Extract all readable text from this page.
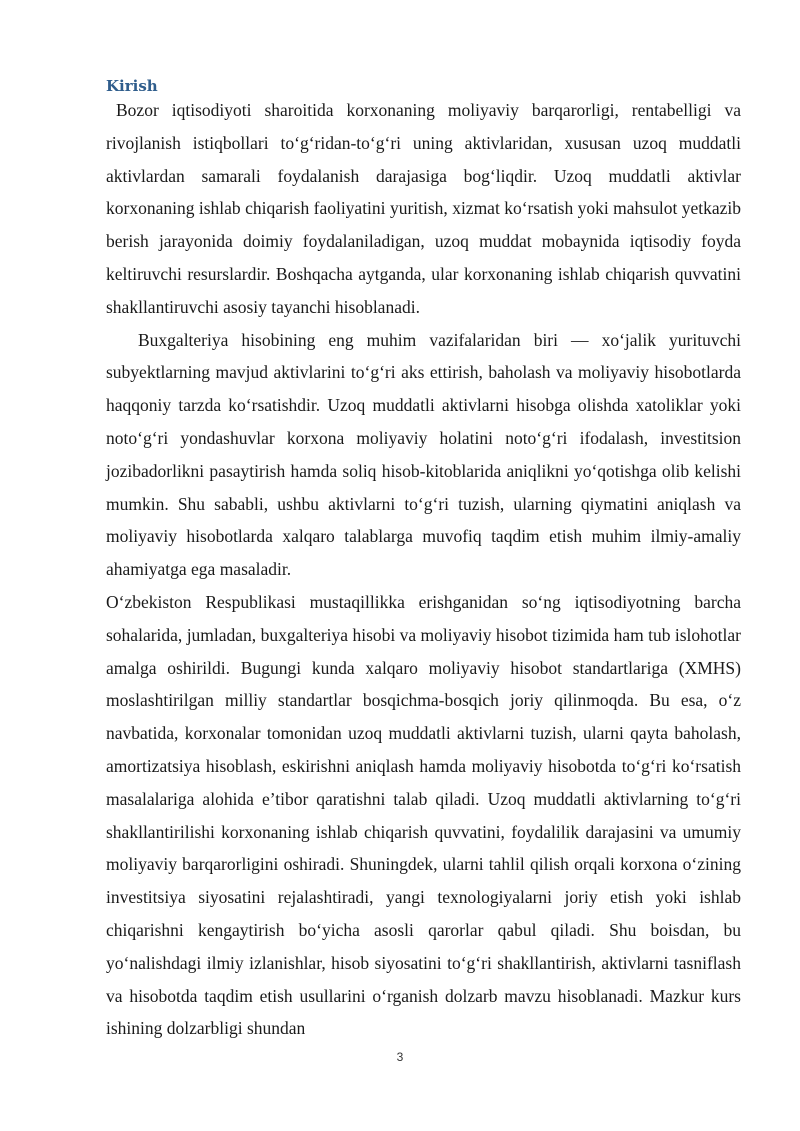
Kirish

Bozor iqtisodiyoti sharoitida korxonaning moliyaviy barqarorligi, rentabelligi va rivojlanish istiqbollari to‘g‘ridan-to‘g‘ri uning aktivlaridan, xususan uzoq muddatli aktivlardan samarali foydalanish darajasiga bog‘liqdir. Uzoq muddatli aktivlar korxonaning ishlab chiqarish faoliyatini yuritish, xizmat ko‘rsatish yoki mahsulot yetkazib berish jarayonida doimiy foydalaniladigan, uzoq muddat mobaynida iqtisodiy foyda keltiruvchi resurslardir. Boshqacha aytganda, ular korxonaning ishlab chiqarish quvvatini shakllantiruvchi asosiy tayanchi hisoblanadi.

Buxgalteriya hisobining eng muhim vazifalaridan biri — xo‘jalik yurituvchi subyektlarning mavjud aktivlarini to‘g‘ri aks ettirish, baholash va moliyaviy hisobotlarda haqqoniy tarzda ko‘rsatishdir. Uzoq muddatli aktivlarni hisobga olishda xatoliklar yoki noto‘g‘ri yondashuvlar korxona moliyaviy holatini noto‘g‘ri ifodalash, investitsion jozibadorlikni pasaytirish hamda soliq hisob-kitoblarida aniqlikni yo‘qotishga olib kelishi mumkin. Shu sababli, ushbu aktivlarni to‘g‘ri tuzish, ularning qiymatini aniqlash va moliyaviy hisobotlarda xalqaro talablarga muvofiq taqdim etish muhim ilmiy-amaliy ahamiyatga ega masaladir.

O‘zbekiston Respublikasi mustaqillikka erishganidan so‘ng iqtisodiyotning barcha sohalarida, jumladan, buxgalteriya hisobi va moliyaviy hisobot tizimida ham tub islohotlar amalga oshirildi. Bugungi kunda xalqaro moliyaviy hisobot standartlariga (XMHS) moslashtirilgan milliy standartlar bosqichma-bosqich joriy qilinmoqda. Bu esa, o‘z navbatida, korxonalar tomonidan uzoq muddatli aktivlarni tuzish, ularni qayta baholash, amortizatsiya hisoblash, eskirishni aniqlash hamda moliyaviy hisobotda to‘g‘ri ko‘rsatish masalalariga alohida e’tibor qaratishni talab qiladi. Uzoq muddatli aktivlarning to‘g‘ri shakllantirilishi korxonaning ishlab chiqarish quvvatini, foydalilik darajasini va umumiy moliyaviy barqarorligini oshiradi. Shuningdek, ularni tahlil qilish orqali korxona o‘zining investitsiya siyosatini rejalashtiradi, yangi texnologiyalarni joriy etish yoki ishlab chiqarishni kengaytirish bo‘yicha asosli qarorlar qabul qiladi. Shu boisdan, bu yo‘nalishdagi ilmiy izlanishlar, hisob siyosatini to‘g‘ri shakllantirish, aktivlarni tasniflash va hisobotda taqdim etish usullarini o‘rganish dolzarb mavzu hisoblanadi. Mazkur kurs ishining dolzarbligi shundan

3
